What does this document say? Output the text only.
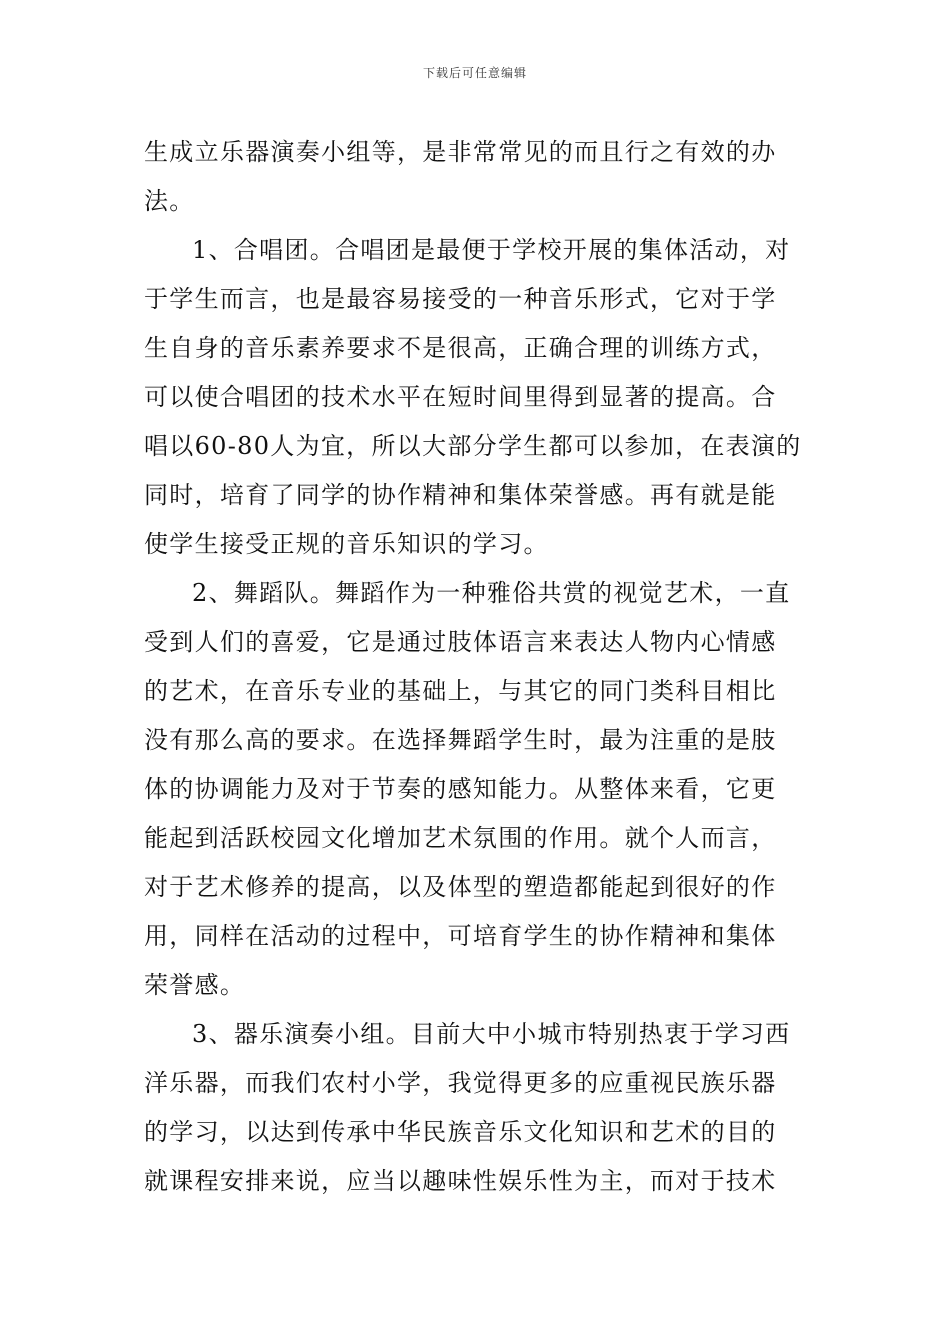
下载后可任意编辑
生成立乐器演奏小组等，是非常常见的而且行之有效的办
法。
1、合唱团。合唱团是最便于学校开展的集体活动，对
于学生而言，也是最容易接受的一种音乐形式，它对于学
生自身的音乐素养要求不是很高，正确合理的训练方式，
可以使合唱团的技术水平在短时间里得到显著的提高。合
唱以60-80人为宜，所以大部分学生都可以参加，在表演的
同时，培育了同学的协作精神和集体荣誉感。再有就是能
使学生接受正规的音乐知识的学习。
2、舞蹈队。舞蹈作为一种雅俗共赏的视觉艺术，一直
受到人们的喜爱，它是通过肢体语言来表达人物内心情感
的艺术，在音乐专业的基础上，与其它的同门类科目相比
没有那么高的要求。在选择舞蹈学生时，最为注重的是肢
体的协调能力及对于节奏的感知能力。从整体来看，它更
能起到活跃校园文化增加艺术氛围的作用。就个人而言，
对于艺术修养的提高，以及体型的塑造都能起到很好的作
用，同样在活动的过程中，可培育学生的协作精神和集体
荣誉感。
3、器乐演奏小组。目前大中小城市特别热衷于学习西
洋乐器，而我们农村小学，我觉得更多的应重视民族乐器
的学习，以达到传承中华民族音乐文化知识和艺术的目的
就课程安排来说，应当以趣味性娱乐性为主，而对于技术
